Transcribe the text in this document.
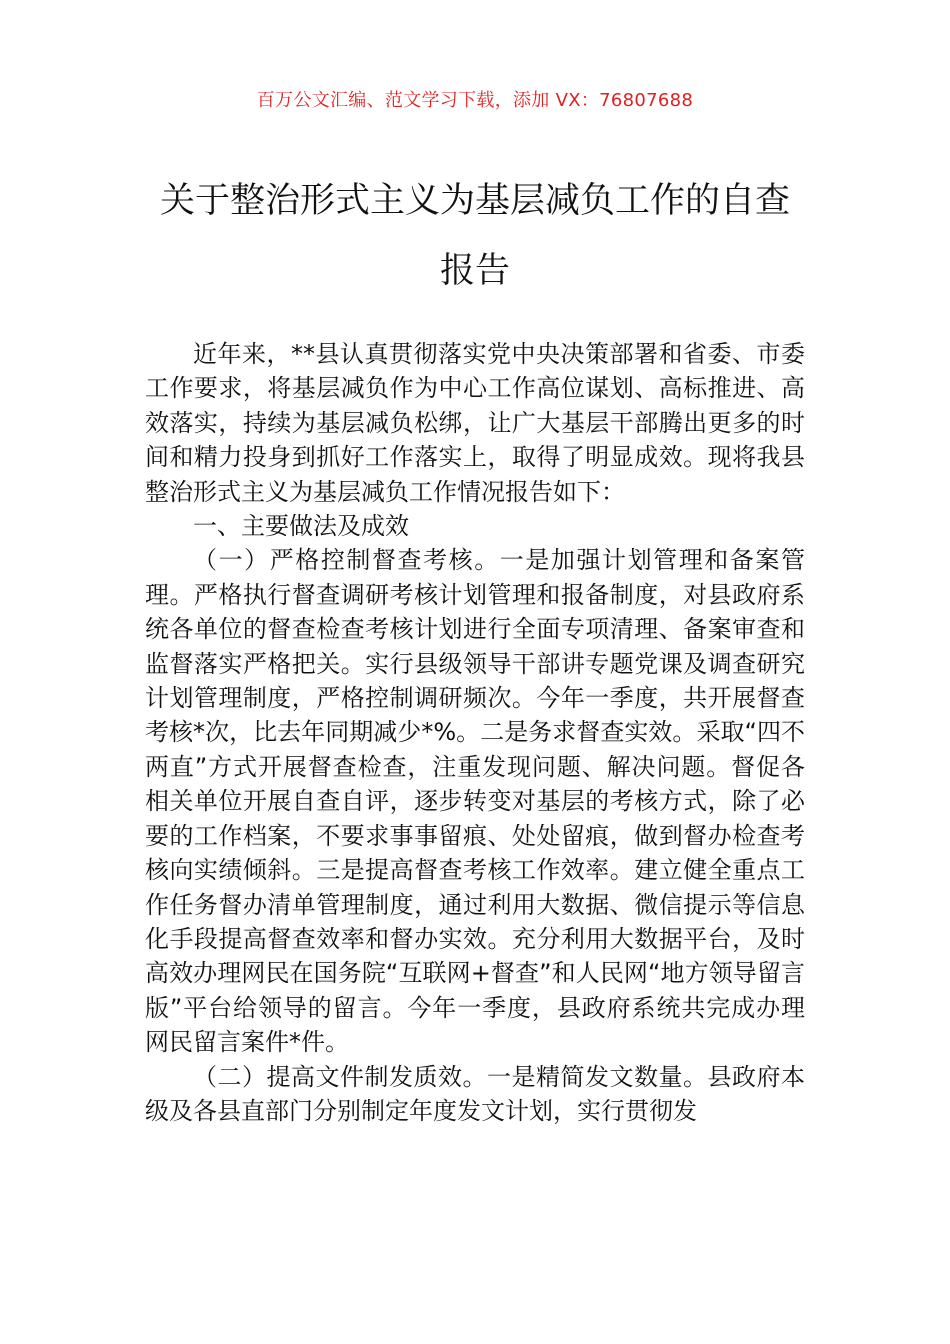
百万公文汇编、范文学习下载，添加 VX：76807688
关于整治形式主义为基层减负工作的自查
报告

近年来，**县认真贯彻落实党中央决策部署和省委、市委工作要求，将基层减负作为中心工作高位谋划、高标推进、高效落实，持续为基层减负松绑，让广大基层干部腾出更多的时间和精力投身到抓好工作落实上，取得了明显成效。现将我县整治形式主义为基层减负工作情况报告如下：

一、主要做法及成效

（一）严格控制督查考核。一是加强计划管理和备案管理。严格执行督查调研考核计划管理和报备制度，对县政府系统各单位的督查检查考核计划进行全面专项清理、备案审查和监督落实严格把关。实行县级领导干部讲专题党课及调查研究计划管理制度，严格控制调研频次。今年一季度，共开展督查考核*次，比去年同期减少*%。二是务求督查实效。采取“四不两直”方式开展督查检查，注重发现问题、解决问题。督促各相关单位开展自查自评，逐步转变对基层的考核方式，除了必要的工作档案，不要求事事留痕、处处留痕，做到督办检查考核向实绩倾斜。三是提高督查考核工作效率。建立健全重点工作任务督办清单管理制度，通过利用大数据、微信提示等信息化手段提高督查效率和督办实效。充分利用大数据平台，及时高效办理网民在国务院“互联网+督查”和人民网“地方领导留言版”平台给领导的留言。今年一季度，县政府系统共完成办理网民留言案件*件。

（二）提高文件制发质效。一是精简发文数量。县政府本级及各县直部门分别制定年度发文计划，实行贯彻发
